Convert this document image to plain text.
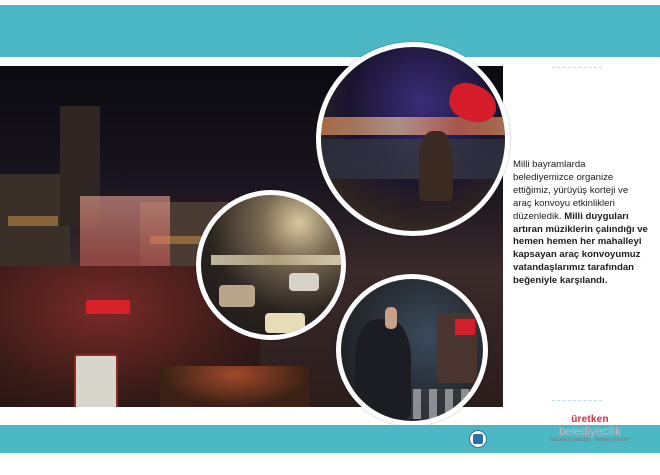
Milli bayramlarda belediyemizce organize ettiğimiz, yürüyüş korteji ve araç konvoyu etkinlikleri düzenledik. Milli duyguları artıran müziklerin çalındığı ve hemen hemen her mahalleyi kapsayan araç konvoyumuz vatandaşlarımız tarafından beğeniyle karşılandı.
üretken
belediyecilik
"bütüncül yaklaşım - birlikte yönetim"
